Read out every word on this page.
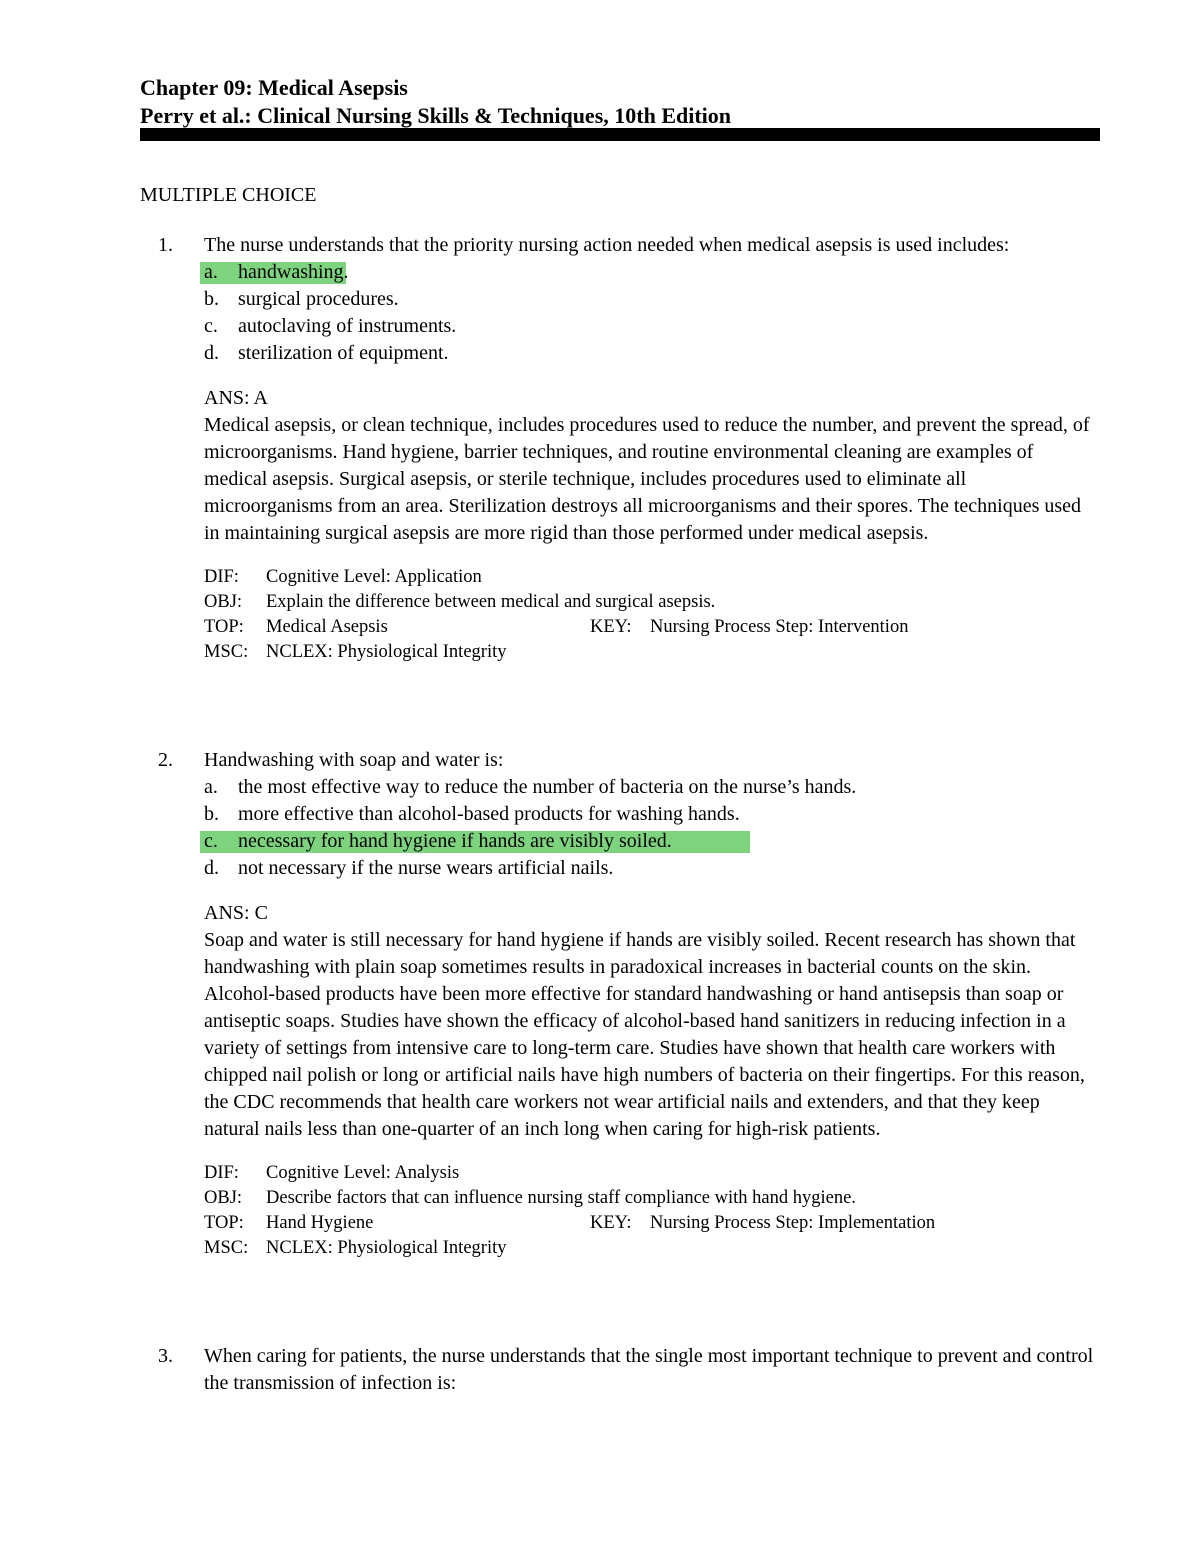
Chapter 09: Medical Asepsis
Perry et al.: Clinical Nursing Skills & Techniques, 10th Edition
MULTIPLE CHOICE
1. The nurse understands that the priority nursing action needed when medical asepsis is used includes:
a. handwashing.
b. surgical procedures.
c. autoclaving of instruments.
d. sterilization of equipment.
ANS: A
Medical asepsis, or clean technique, includes procedures used to reduce the number, and prevent the spread, of microorganisms. Hand hygiene, barrier techniques, and routine environmental cleaning are examples of medical asepsis. Surgical asepsis, or sterile technique, includes procedures used to eliminate all microorganisms from an area. Sterilization destroys all microorganisms and their spores. The techniques used in maintaining surgical asepsis are more rigid than those performed under medical asepsis.
DIF: Cognitive Level: Application
OBJ: Explain the difference between medical and surgical asepsis.
TOP: Medical Asepsis	KEY: Nursing Process Step: Intervention
MSC: NCLEX: Physiological Integrity
2. Handwashing with soap and water is:
a. the most effective way to reduce the number of bacteria on the nurse’s hands.
b. more effective than alcohol-based products for washing hands.
c. necessary for hand hygiene if hands are visibly soiled.
d. not necessary if the nurse wears artificial nails.
ANS: C
Soap and water is still necessary for hand hygiene if hands are visibly soiled. Recent research has shown that handwashing with plain soap sometimes results in paradoxical increases in bacterial counts on the skin. Alcohol-based products have been more effective for standard handwashing or hand antisepsis than soap or antiseptic soaps. Studies have shown the efficacy of alcohol-based hand sanitizers in reducing infection in a variety of settings from intensive care to long-term care. Studies have shown that health care workers with chipped nail polish or long or artificial nails have high numbers of bacteria on their fingertips. For this reason, the CDC recommends that health care workers not wear artificial nails and extenders, and that they keep natural nails less than one-quarter of an inch long when caring for high-risk patients.
DIF: Cognitive Level: Analysis
OBJ: Describe factors that can influence nursing staff compliance with hand hygiene.
TOP: Hand Hygiene	KEY: Nursing Process Step: Implementation
MSC: NCLEX: Physiological Integrity
3. When caring for patients, the nurse understands that the single most important technique to prevent and control the transmission of infection is:
